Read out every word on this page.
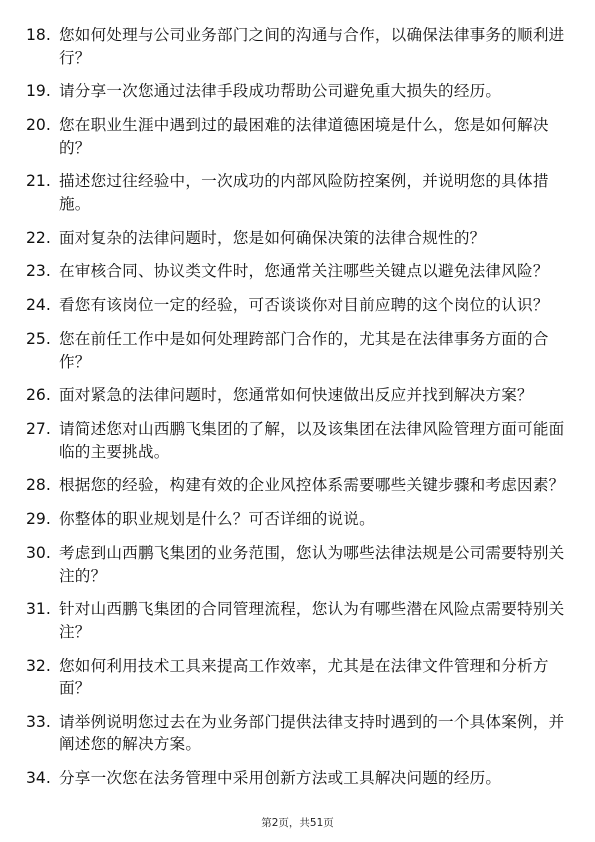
18. 您如何处理与公司业务部门之间的沟通与合作，以确保法律事务的顺利进行？
19. 请分享一次您通过法律手段成功帮助公司避免重大损失的经历。
20. 您在职业生涯中遇到过的最困难的法律道德困境是什么，您是如何解决的？
21. 描述您过往经验中，一次成功的内部风险防控案例，并说明您的具体措施。
22. 面对复杂的法律问题时，您是如何确保决策的法律合规性的？
23. 在审核合同、协议类文件时，您通常关注哪些关键点以避免法律风险？
24. 看您有该岗位一定的经验，可否谈谈你对目前应聘的这个岗位的认识？
25. 您在前任工作中是如何处理跨部门合作的，尤其是在法律事务方面的合作？
26. 面对紧急的法律问题时，您通常如何快速做出反应并找到解决方案？
27. 请简述您对山西鹏飞集团的了解，以及该集团在法律风险管理方面可能面临的主要挑战。
28. 根据您的经验，构建有效的企业风控体系需要哪些关键步骤和考虑因素？
29. 你整体的职业规划是什么？可否详细的说说。
30. 考虑到山西鹏飞集团的业务范围，您认为哪些法律法规是公司需要特别关注的？
31. 针对山西鹏飞集团的合同管理流程，您认为有哪些潜在风险点需要特别关注？
32. 您如何利用技术工具来提高工作效率，尤其是在法律文件管理和分析方面？
33. 请举例说明您过去在为业务部门提供法律支持时遇到的一个具体案例，并阐述您的解决方案。
34. 分享一次您在法务管理中采用创新方法或工具解决问题的经历。
第2页，共51页
